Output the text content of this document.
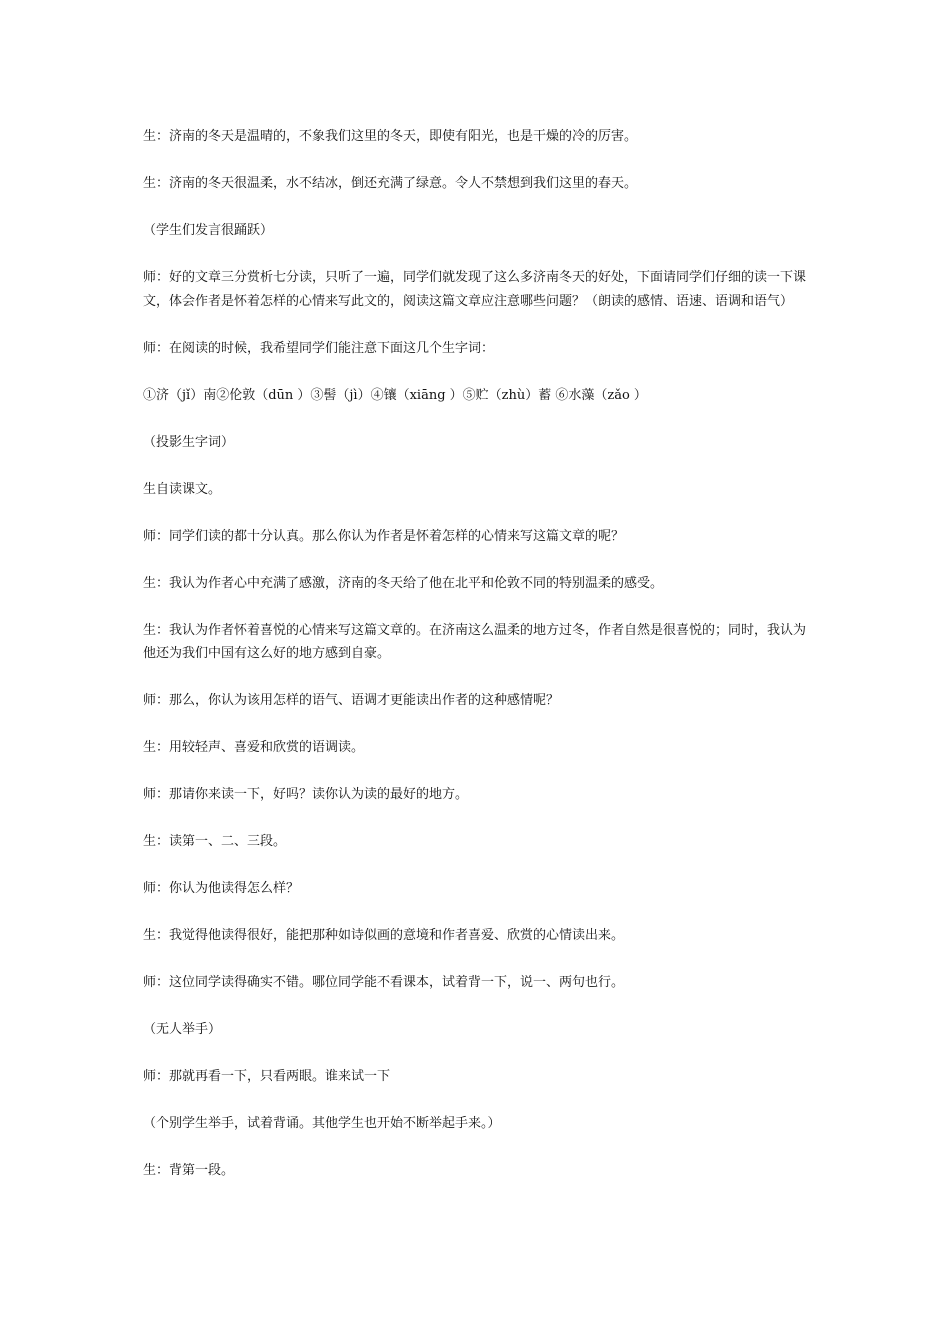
生：济南的冬天是温晴的，不象我们这里的冬天，即使有阳光，也是干燥的冷的厉害。

生：济南的冬天很温柔，水不结冰，倒还充满了绿意。令人不禁想到我们这里的春天。

（学生们发言很踊跃）

师：好的文章三分赏析七分读，只听了一遍，同学们就发现了这么多济南冬天的好处，下面请同学们仔细的读一下课文，体会作者是怀着怎样的心情来写此文的，阅读这篇文章应注意哪些问题？（朗读的感情、语速、语调和语气）

师：在阅读的时候，我希望同学们能注意下面这几个生字词：

①济（jǐ）南②伦敦（dūn ）③髻（jì）④镶（xiāng ）⑤贮（zhù）蓄 ⑥水藻（zǎo ）

（投影生字词）

生自读课文。

师：同学们读的都十分认真。那么你认为作者是怀着怎样的心情来写这篇文章的呢？

生：我认为作者心中充满了感激，济南的冬天给了他在北平和伦敦不同的特别温柔的感受。

生：我认为作者怀着喜悦的心情来写这篇文章的。在济南这么温柔的地方过冬，作者自然是很喜悦的；同时，我认为他还为我们中国有这么好的地方感到自豪。

师：那么，你认为该用怎样的语气、语调才更能读出作者的这种感情呢？

生：用较轻声、喜爱和欣赏的语调读。

师：那请你来读一下，好吗？读你认为读的最好的地方。

生：读第一、二、三段。

师：你认为他读得怎么样？

生：我觉得他读得很好，能把那种如诗似画的意境和作者喜爱、欣赏的心情读出来。

师：这位同学读得确实不错。哪位同学能不看课本，试着背一下，说一、两句也行。

（无人举手）

师：那就再看一下，只看两眼。谁来试一下

（个别学生举手，试着背诵。其他学生也开始不断举起手来。）

生：背第一段。
